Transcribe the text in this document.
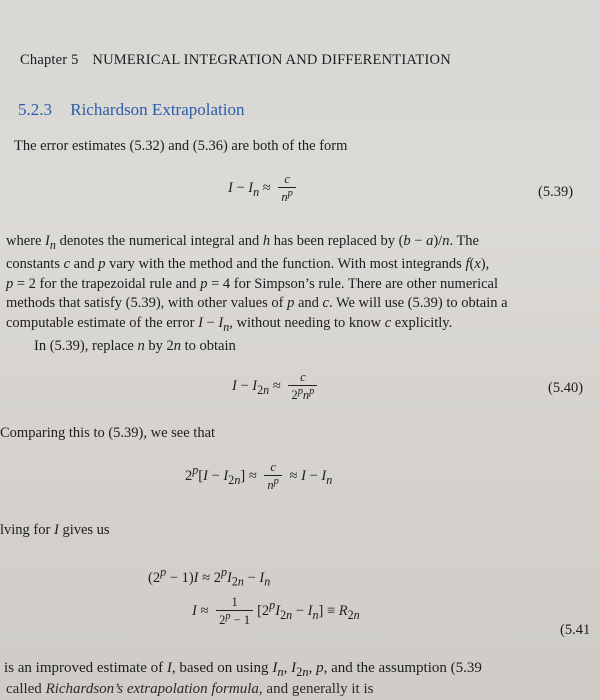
Chapter 5 NUMERICAL INTEGRATION AND DIFFERENTIATION
5.2.3 Richardson Extrapolation
The error estimates (5.32) and (5.36) are both of the form
$I - I_n \approx \frac{c}{n^p}$	(5.39)
where $I_n$ denotes the numerical integral and h has been replaced by (b − a)/n. The
constants c and p vary with the method and the function. With most integrands f(x),
p = 2 for the trapezoidal rule and p = 4 for Simpson’s rule. There are other numerical
methods that satisfy (5.39), with other values of p and c. We will use (5.39) to obtain a
computable estimate of the error $I - I_n$, without needing to know c explicitly.
In (5.39), replace n by 2n to obtain
$I - I_{2n} \approx \frac{c}{2^pn^p}$	(5.40)
Comparing this to (5.39), we see that
$2^p[I - I_{2n}] \approx \frac{c}{n^p} \approx I - I_n$
lving for I gives us
$(2^p - 1)I \approx 2^pI_{2n} - I_n$
$I \approx \frac{1}{2^p - 1} [2^pI_{2n} - I_n] \equiv R_{2n}$
(5.41
is an improved estimate of I, based on using $I_n$, $I_{2n}$, p, and the assumption (5.39
called Richardson’s extrapolation formula, and generally it is
